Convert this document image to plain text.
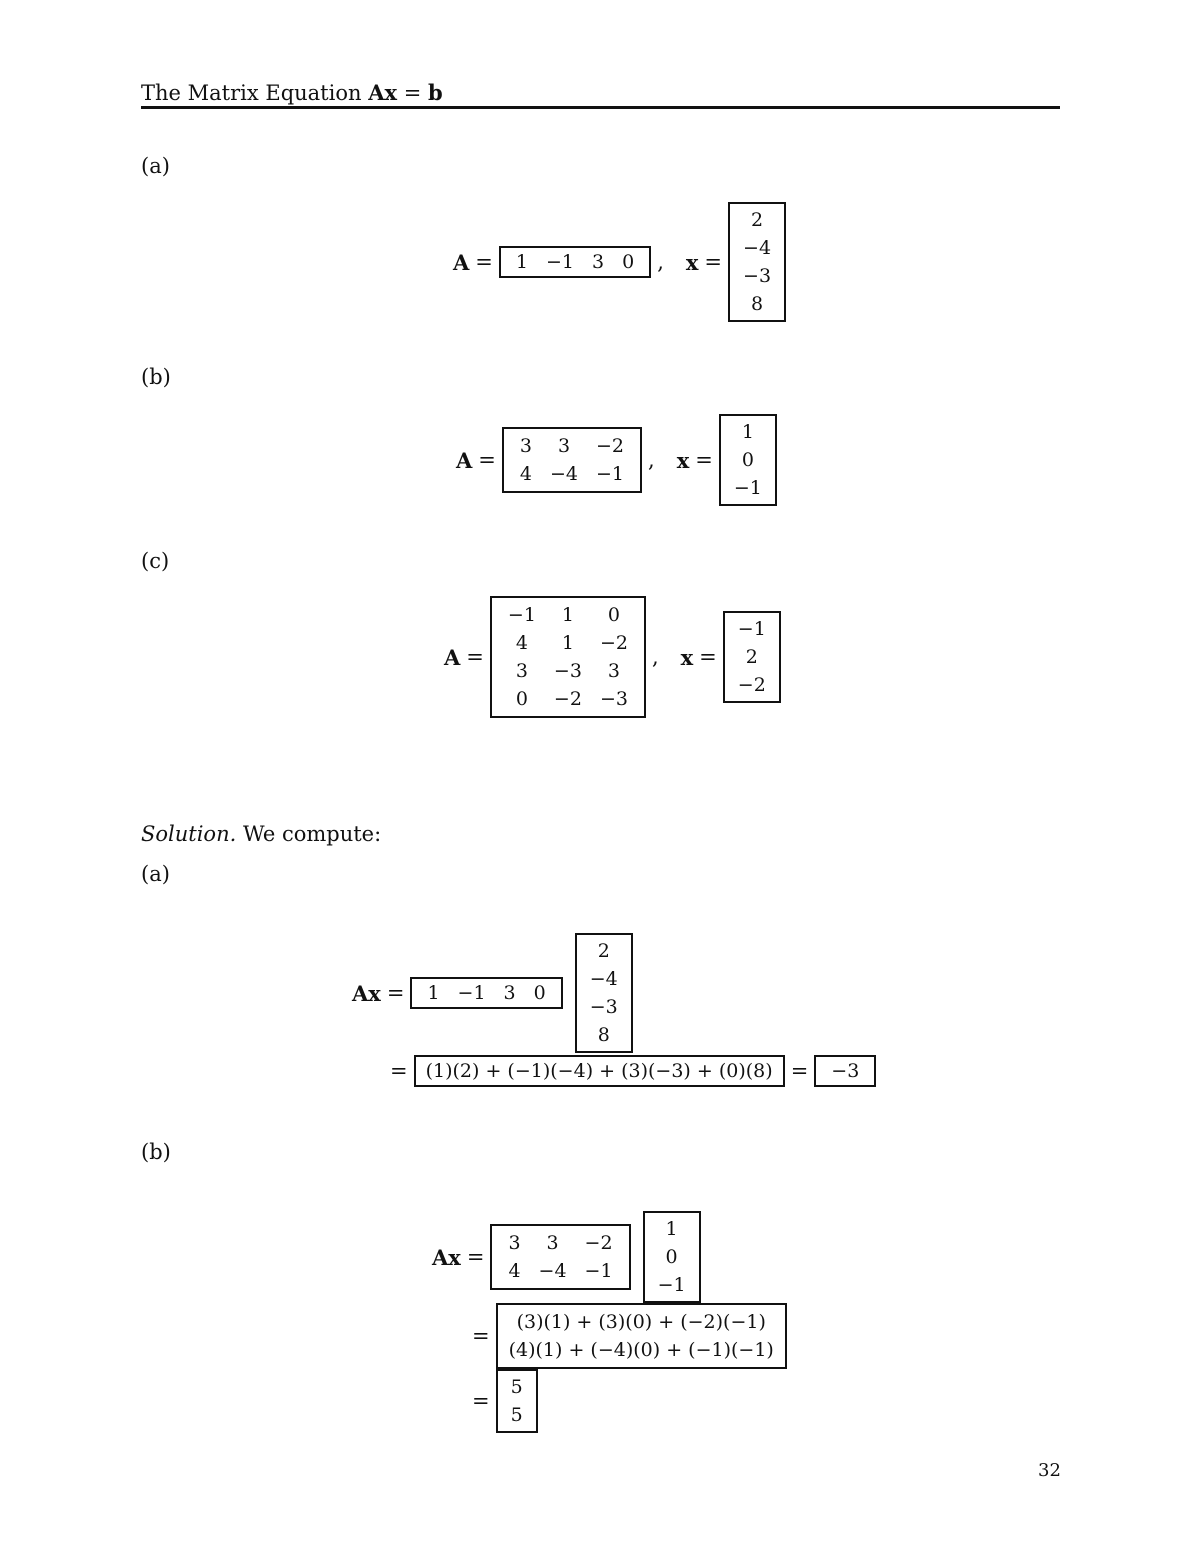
The Matrix Equation Ax = b
(a)
A =	1 −1 3 0	, x =
2
−4
−3
8
(b)
A =
3	3	−2
4 −4 −1
, x =
1
0
−1
(c)
A =
−1	1	0
4	1	−2
3	−3	3
0	−2 −3
, x =
−1
2
−2
Solution. We compute:
(a)
Ax =	1 −1 3 0
2
−4
−3
8
= (1)(2) + (−1)(−4) + (3)(−3) + (0)(8) =	−3
(b)
Ax =
3	3	−2
4 −4 −1
1
0
−1
=
(3)(1) + (3)(0) + (−2)(−1)
(4)(1) + (−4)(0) + (−1)(−1)
=
5
5
32
